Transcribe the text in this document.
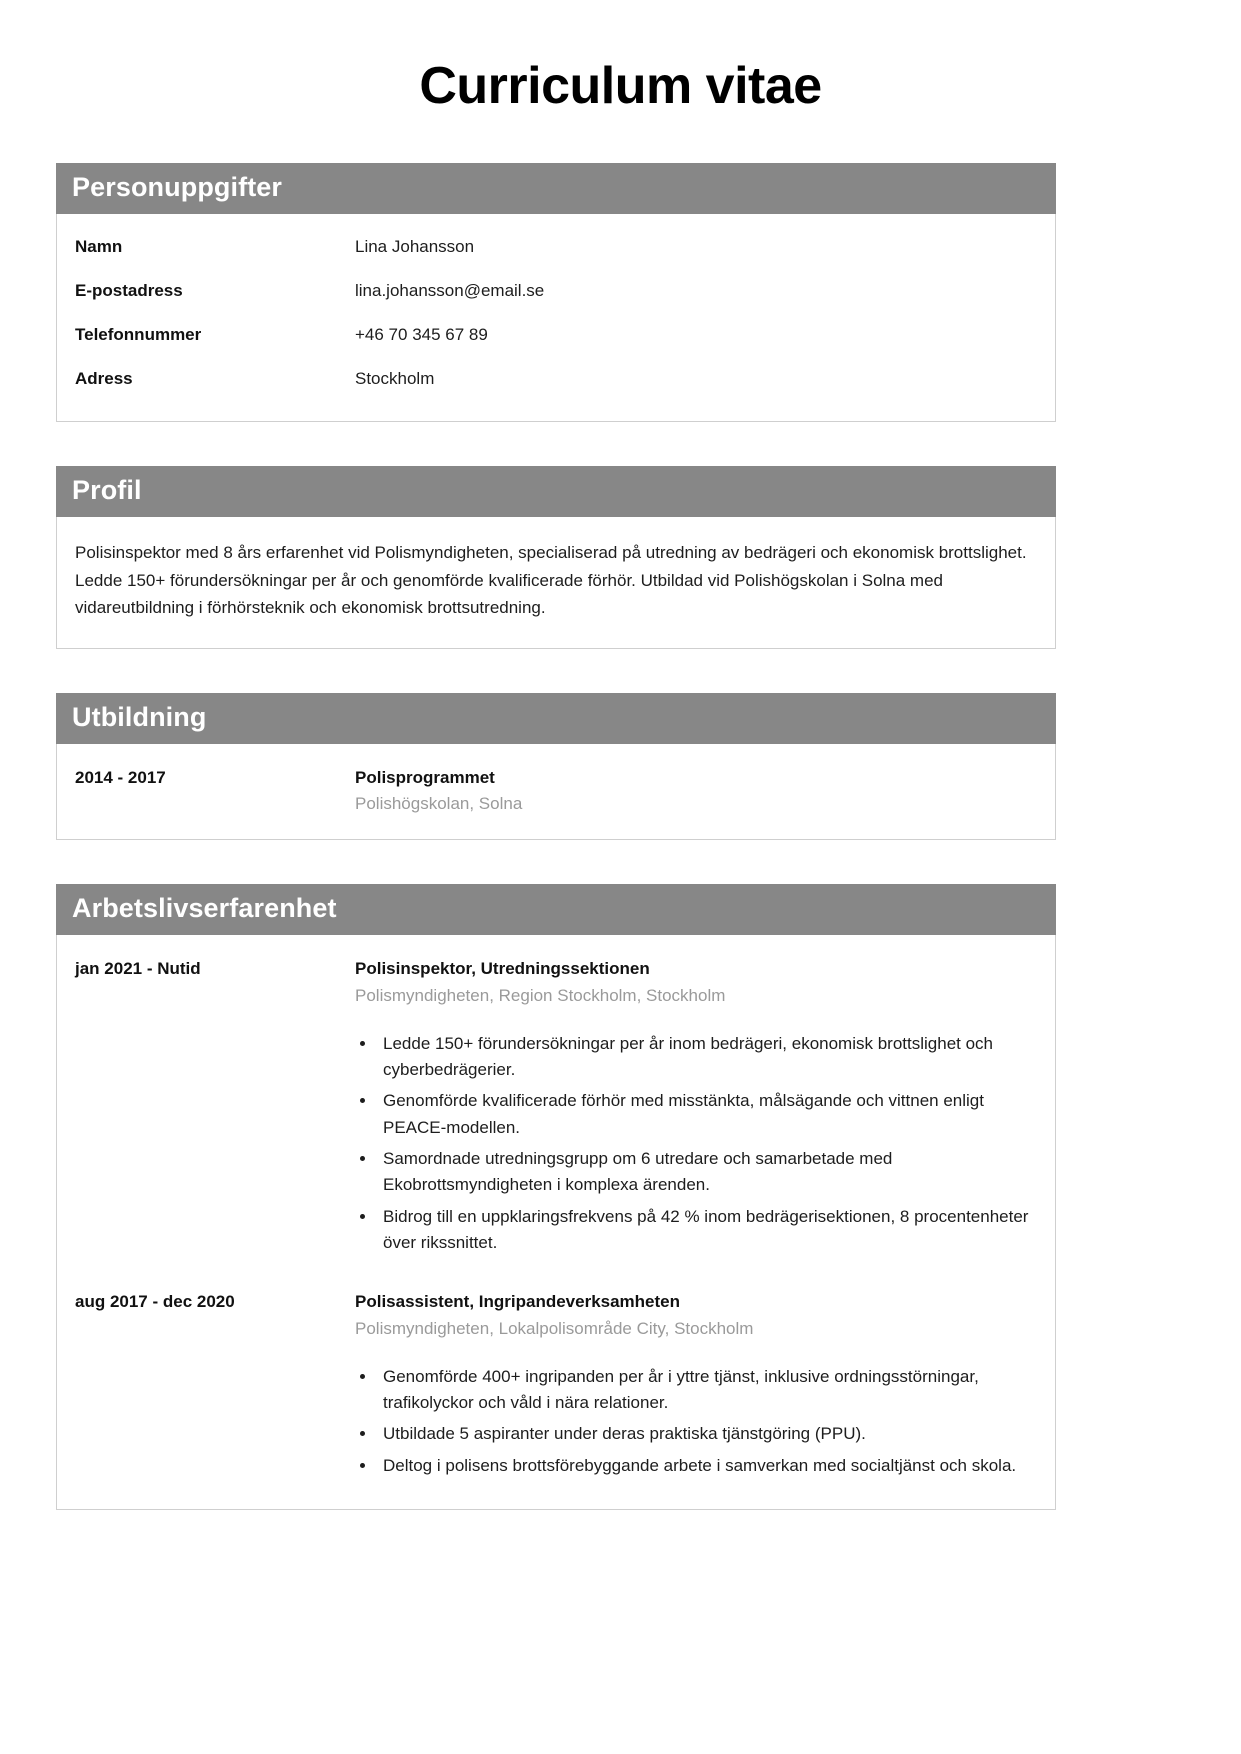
Curriculum vitae
Personuppgifter
Namn	Lina Johansson
E-postadress	lina.johansson@email.se
Telefonnummer	+46 70 345 67 89
Adress	Stockholm
Profil

Polisinspektor med 8 års erfarenhet vid Polismyndigheten, specialiserad på utredning av bedrägeri och ekonomisk brottslighet. Ledde 150+ förundersökningar per år och genomförde kvalificerade förhör. Utbildad vid Polishögskolan i Solna med vidareutbildning i förhörsteknik och ekonomisk brottsutredning.

Utbildning
2014 - 2017	Polisprogrammet
Polishögskolan, Solna
Arbetslivserfarenhet
jan 2021 - Nutid	Polisinspektor, Utredningssektionen
Polismyndigheten, Region Stockholm, Stockholm
• Ledde 150+ förundersökningar per år inom bedrägeri, ekonomisk brottslighet och cyberbedrägerier.
• Genomförde kvalificerade förhör med misstänkta, målsägande och vittnen enligt PEACE-modellen.
• Samordnade utredningsgrupp om 6 utredare och samarbetade med Ekobrottsmyndigheten i komplexa ärenden.
• Bidrog till en uppklaringsfrekvens på 42 % inom bedrägerisektionen, 8 procentenheter över rikssnittet.
aug 2017 - dec 2020	Polisassistent, Ingripandeverksamheten
Polismyndigheten, Lokalpolisområde City, Stockholm
• Genomförde 400+ ingripanden per år i yttre tjänst, inklusive ordningsstörningar, trafikolyckor och våld i nära relationer.
• Utbildade 5 aspiranter under deras praktiska tjänstgöring (PPU).
• Deltog i polisens brottsförebyggande arbete i samverkan med socialtjänst och skola.
